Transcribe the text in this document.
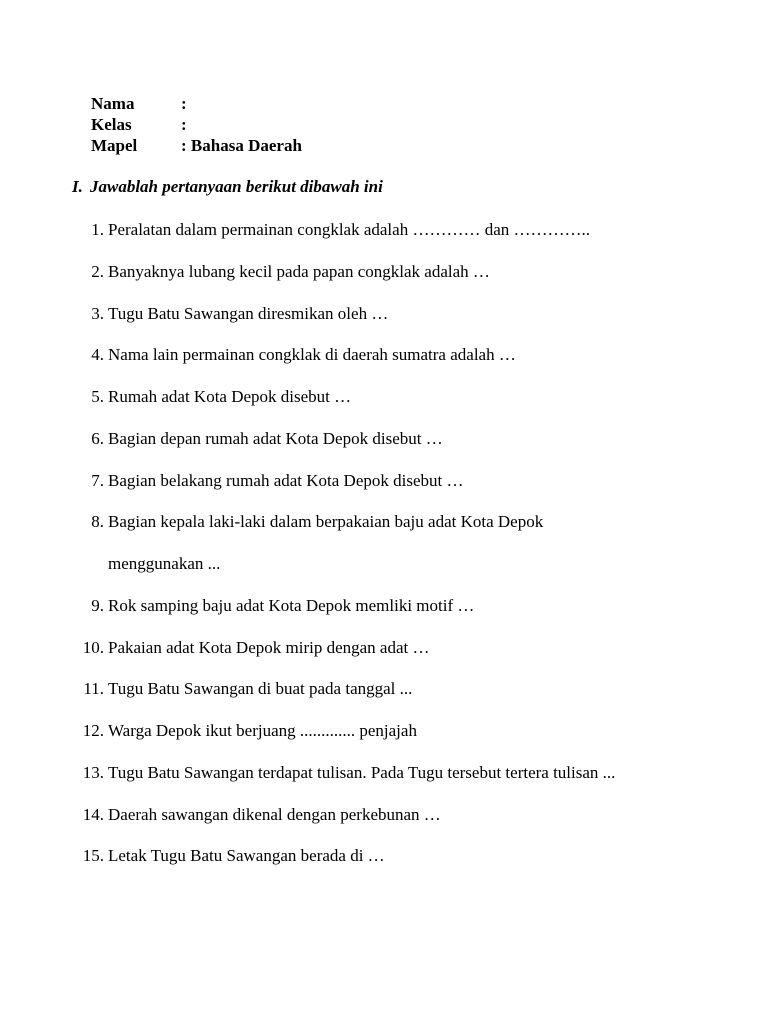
Nama	:
Kelas	:
Mapel	: Bahasa Daerah
I. Jawablah pertanyaan berikut dibawah ini
1. Peralatan dalam permainan congklak adalah ………… dan …………..
2. Banyaknya lubang kecil pada papan congklak adalah …
3. Tugu Batu Sawangan diresmikan oleh …
4. Nama lain permainan congklak di daerah sumatra adalah …
5. Rumah adat Kota Depok disebut …
6. Bagian depan rumah adat Kota Depok disebut …
7. Bagian belakang rumah adat Kota Depok disebut …
8. Bagian kepala laki-laki dalam berpakaian baju adat Kota Depok
menggunakan ...
9. Rok samping baju adat Kota Depok memliki motif …
10. Pakaian adat Kota Depok mirip dengan adat …
11. Tugu Batu Sawangan di buat pada tanggal ...
12. Warga Depok ikut berjuang ............. penjajah
13. Tugu Batu Sawangan terdapat tulisan. Pada Tugu tersebut tertera tulisan ...
14. Daerah sawangan dikenal dengan perkebunan …
15. Letak Tugu Batu Sawangan berada di …
